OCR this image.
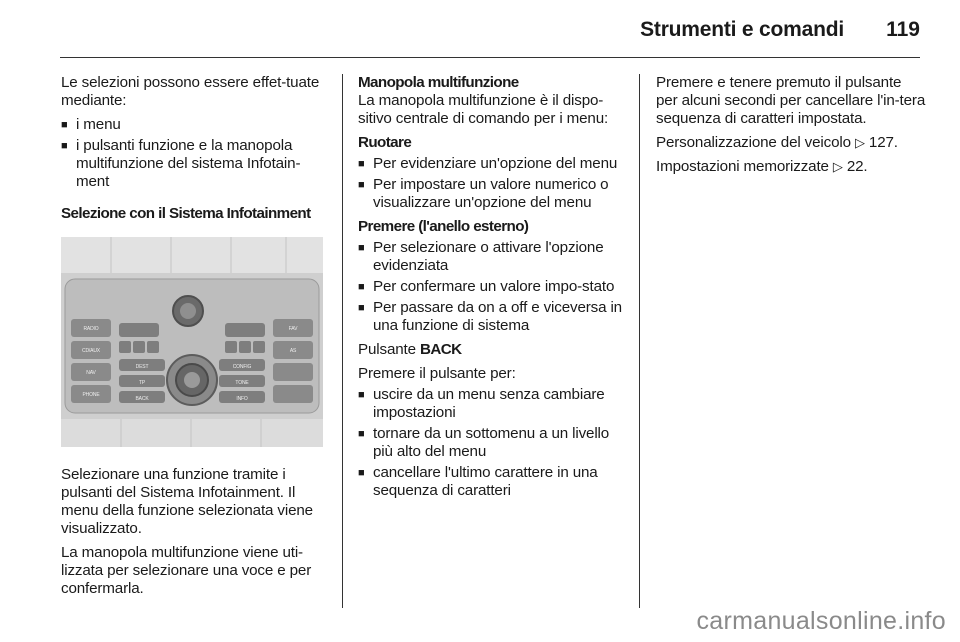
Strumenti e comandi 119

Le selezioni possono essere effet-tuate mediante:

■ i menu
■ i pulsanti funzione e la manopola multifunzione del sistema Infotain-ment

Selezione con il Sistema Infotainment

RADIO
CD/AUX
NAV
PHONE
DEST
TP
BACK
CONFIG
TONE
INFO
FAV
AS

Selezionare una funzione tramite i pulsanti del Sistema Infotainment. Il menu della funzione selezionata viene visualizzato.

La manopola multifunzione viene uti-lizzata per selezionare una voce e per confermarla.

Manopola multifunzione

La manopola multifunzione è il dispo-sitivo centrale di comando per i menu:

Ruotare

■ Per evidenziare un'opzione del menu
■ Per impostare un valore numerico o visualizzare un'opzione del menu

Premere (l'anello esterno)

■ Per selezionare o attivare l'opzione evidenziata
■ Per confermare un valore impo-stato
■ Per passare da on a off e viceversa in una funzione di sistema

Pulsante BACK

Premere il pulsante per:

■ uscire da un menu senza cambiare impostazioni
■ tornare da un sottomenu a un livello più alto del menu
■ cancellare l'ultimo carattere in una sequenza di caratteri

Premere e tenere premuto il pulsante per alcuni secondi per cancellare l'in-tera sequenza di caratteri impostata.

Personalizzazione del veicolo ▷ 127.

Impostazioni memorizzate ▷ 22.

carmanualsonline.info
